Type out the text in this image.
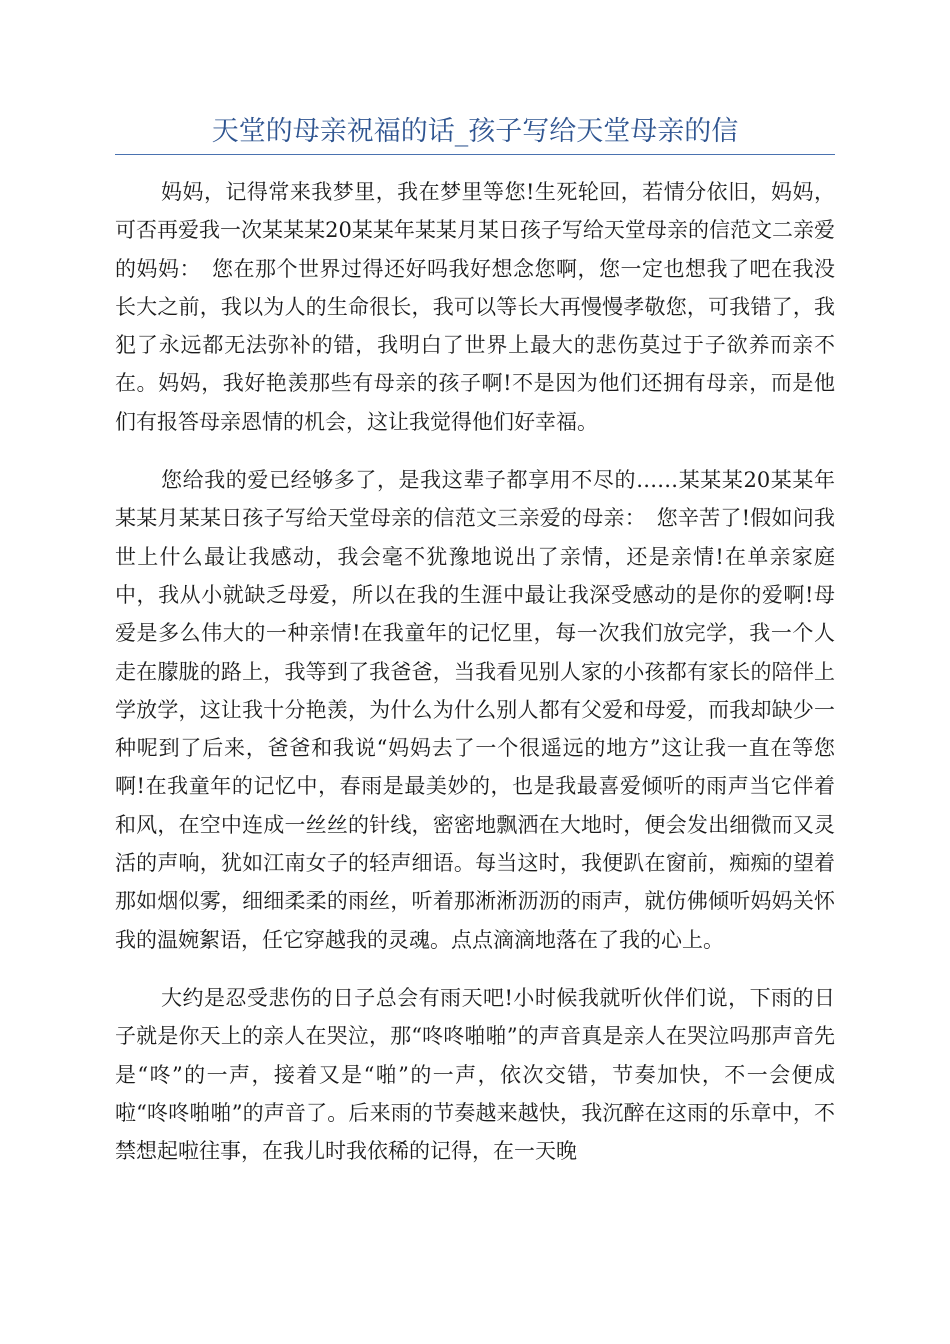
天堂的母亲祝福的话_孩子写给天堂母亲的信

妈妈，记得常来我梦里，我在梦里等您!生死轮回，若情分依旧，妈妈，可否再爱我一次某某某20某某年某某月某日孩子写给天堂母亲的信范文二亲爱的妈妈：　您在那个世界过得还好吗我好想念您啊，您一定也想我了吧在我没长大之前，我以为人的生命很长，我可以等长大再慢慢孝敬您，可我错了，我犯了永远都无法弥补的错，我明白了世界上最大的悲伤莫过于子欲养而亲不在。妈妈，我好艳羡那些有母亲的孩子啊!不是因为他们还拥有母亲，而是他们有报答母亲恩情的机会，这让我觉得他们好幸福。

您给我的爱已经够多了，是我这辈子都享用不尽的……某某某20某某年某某月某某日孩子写给天堂母亲的信范文三亲爱的母亲：　您辛苦了!假如问我世上什么最让我感动，我会毫不犹豫地说出了亲情，还是亲情!在单亲家庭中，我从小就缺乏母爱，所以在我的生涯中最让我深受感动的是你的爱啊!母爱是多么伟大的一种亲情!在我童年的记忆里，每一次我们放完学，我一个人走在朦胧的路上，我等到了我爸爸，当我看见别人家的小孩都有家长的陪伴上学放学，这让我十分艳羡，为什么为什么别人都有父爱和母爱，而我却缺少一种呢到了后来，爸爸和我说“妈妈去了一个很遥远的地方”这让我一直在等您啊!在我童年的记忆中，春雨是最美妙的，也是我最喜爱倾听的雨声当它伴着和风，在空中连成一丝丝的针线，密密地飘洒在大地时，便会发出细微而又灵活的声响，犹如江南女子的轻声细语。每当这时，我便趴在窗前，痴痴的望着那如烟似雾，细细柔柔的雨丝，听着那淅淅沥沥的雨声，就仿佛倾听妈妈关怀我的温婉絮语，任它穿越我的灵魂。点点滴滴地落在了我的心上。

大约是忍受悲伤的日子总会有雨天吧!小时候我就听伙伴们说，下雨的日子就是你天上的亲人在哭泣，那“咚咚啪啪”的声音真是亲人在哭泣吗那声音先是“咚”的一声，接着又是“啪”的一声，依次交错，节奏加快，不一会便成啦“咚咚啪啪”的声音了。后来雨的节奏越来越快，我沉醉在这雨的乐章中，不禁想起啦往事，在我儿时我依稀的记得，在一天晚
